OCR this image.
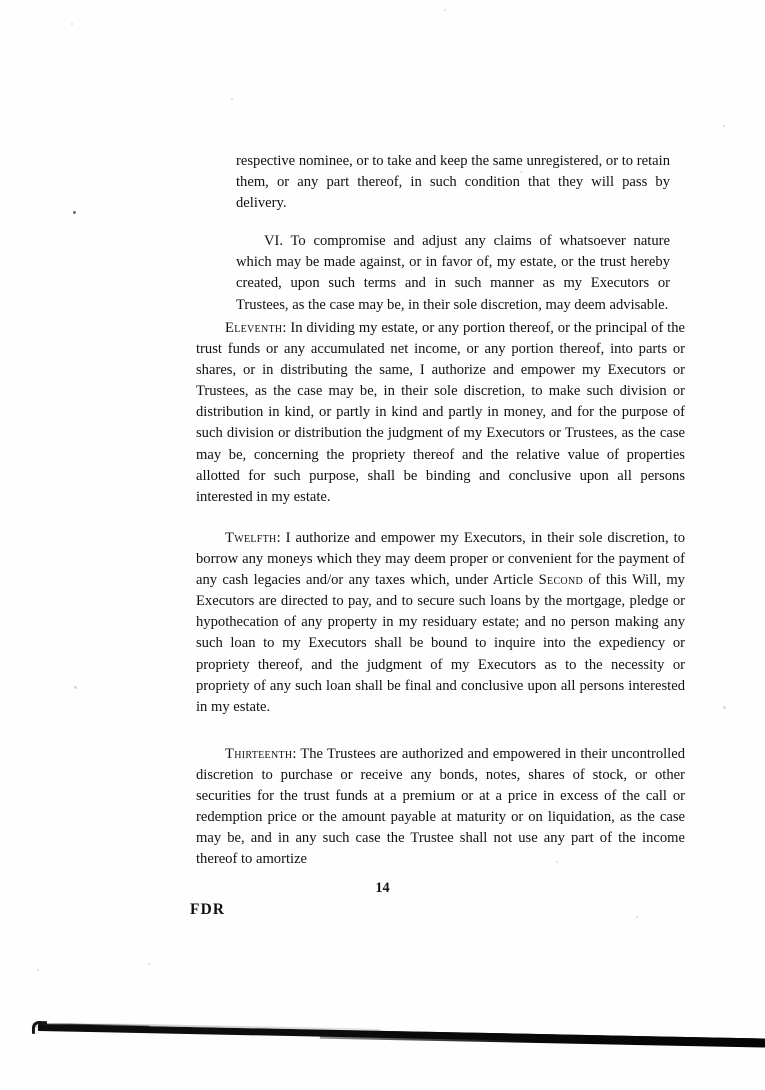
respective nominee, or to take and keep the same unregistered, or to retain them, or any part thereof, in such condition that they will pass by delivery.

VI. To compromise and adjust any claims of whatsoever nature which may be made against, or in favor of, my estate, or the trust hereby created, upon such terms and in such manner as my Executors or Trustees, as the case may be, in their sole discretion, may deem advisable.

Eleventh: In dividing my estate, or any portion thereof, or the principal of the trust funds or any accumulated net income, or any portion thereof, into parts or shares, or in distributing the same, I authorize and empower my Executors or Trustees, as the case may be, in their sole discretion, to make such division or distribution in kind, or partly in kind and partly in money, and for the purpose of such division or distribution the judgment of my Executors or Trustees, as the case may be, concerning the propriety thereof and the relative value of properties allotted for such purpose, shall be binding and conclusive upon all persons interested in my estate.

Twelfth: I authorize and empower my Executors, in their sole discretion, to borrow any moneys which they may deem proper or convenient for the payment of any cash legacies and/or any taxes which, under Article Second of this Will, my Executors are directed to pay, and to secure such loans by the mortgage, pledge or hypothecation of any property in my residuary estate; and no person making any such loan to my Executors shall be bound to inquire into the expediency or propriety thereof, and the judgment of my Executors as to the necessity or propriety of any such loan shall be final and conclusive upon all persons interested in my estate.

Thirteenth: The Trustees are authorized and empowered in their uncontrolled discretion to purchase or receive any bonds, notes, shares of stock, or other securities for the trust funds at a premium or at a price in excess of the call or redemption price or the amount payable at maturity or on liquidation, as the case may be, and in any such case the Trustee shall not use any part of the income thereof to amortize

14
FDR
